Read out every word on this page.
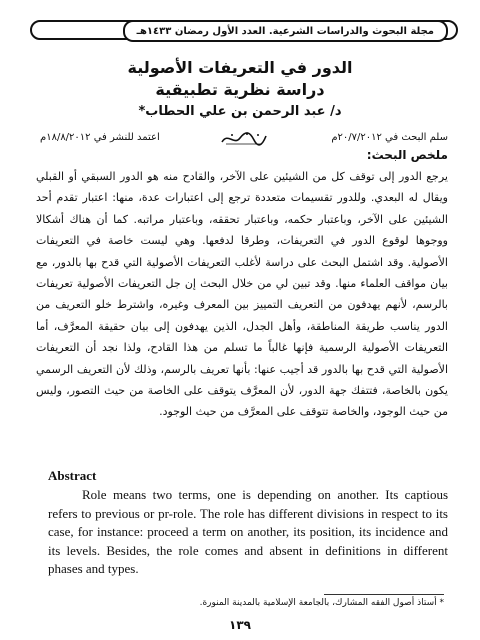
مجلة البحوث والدراسات الشرعية. العدد الأول رمضان ١٤٣٣هـ
الدور في التعريفات الأصولية
دراسة نظرية تطبيقية
د/ عبد الرحمن بن علي الحطاب*
سلم البحث في ٢٠/٧/٢٠١٢م
اعتمد للنشر في ١٨/٨/٢٠١٢م
ملخص البحث:

يرجع الدور إلى توقف كل من الشيئين على الآخر، والقادح منه هو الدور السبقي أو القبلي ويقال له البعدي. وللدور تقسيمات متعددة ترجع إلى اعتبارات عدة، منها: اعتبار تقدم أحد الشيئين على الآخر، وباعتبار حكمه، وباعتبار تحققه، وباعتبار مراتبه. كما أن هناك أشكالا ووجوها لوقوع الدور في التعريفات، وطرقا لدفعها. وهي ليست خاصة في التعريفات الأصولية. وقد اشتمل البحث على دراسة لأغلب التعريفات الأصولية التي قدح بها بالدور، مع بيان مواقف العلماء منها. وقد تبين لي من خلال البحث إن جل التعريفات الأصولية تعريفات بالرسم، لأنهم يهدفون من التعريف التمييز بين المعرف وغيره، واشترط خلو التعريف من الدور يناسب طريقة المناطقة، وأهل الجدل، الذين يهدفون إلى بيان حقيقة المعرَّف، أما التعريفات الأصولية الرسمية فإنها غالباً ما تسلم من هذا القادح، ولذا نجد أن التعريفات الأصولية التي قدح بها بالدور قد أجيب عنها: بأنها تعريف بالرسم، وذلك لأن التعريف الرسمي يكون بالخاصة، فتتفك جهة الدور، لأن المعرَّف يتوقف على الخاصة من حيث التصور، وليس من حيث الوجود، والخاصة تتوقف على المعرَّف من حيث الوجود.

Abstract

Role means two terms, one is depending on another. Its captious refers to previous or pr-role. The role has different divisions in respect to its case, for instance: proceed a term on another, its position, its incidence and its levels. Besides, the role comes and absent in definitions in different phases and types.

* أستاذ أصول الفقه المشارك، بالجامعة الإسلامية بالمدينة المنورة.
١٣٩
